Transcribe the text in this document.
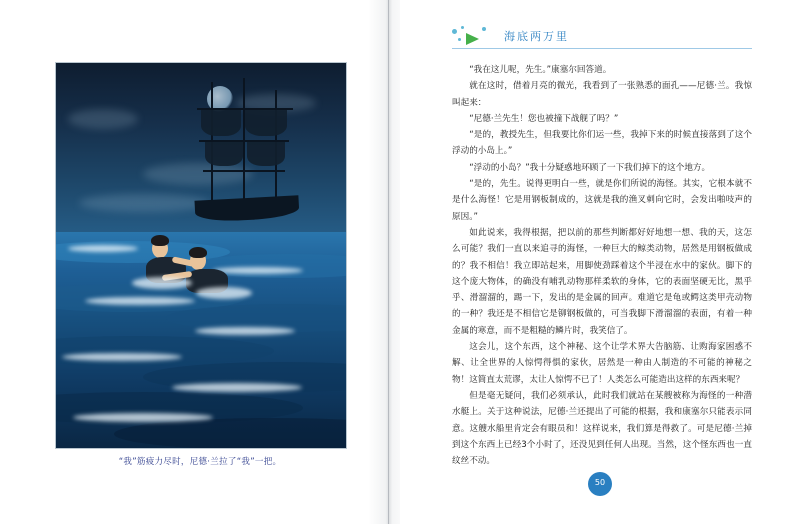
“我”筋疲力尽时，尼德·兰拉了“我”一把。
海底两万里

“我在这儿呢，先生。”康塞尔回答道。

就在这时，借着月亮的微光，我看到了一张熟悉的面孔——尼德·兰。我惊叫起来：

“尼德·兰先生！您也被撞下战舰了吗？”

“是的，教授先生，但我要比你们运一些，我掉下来的时候直接落到了这个浮动的小岛上。”

“浮动的小岛？”我十分疑惑地环顾了一下我们掉下的这个地方。

“是的，先生。说得更明白一些，就是你们所说的海怪。其实，它根本就不是什么海怪！它是用钢板制成的，这就是我的渔叉刺向它时，会发出啪吱声的原因。”

如此说来，我得根据，把以前的那些判断都好好地想一想、我的天，这怎么可能？我们一直以来追寻的海怪，一种巨大的鲸类动物，居然是用钢板做成的？我不相信！我立即站起来，用脚使劲踩着这个半浸在水中的家伙。脚下的这个庞大物体，的确没有哺乳动物那样柔软的身体，它的表面坚硬无比，黑乎乎、滑溜溜的，踢一下，发出的是金属的回声。难道它是龟或鳄这类甲壳动物的一种？我还是不相信它是铆钢板做的，可当我脚下滑溜溜的表面，有着一种金属的寒意，而不是粗糙的鳞片时，我笑信了。

这会儿，这个东西，这个神秘、这个让学术界大告脑筋、让购海家困惑不解、让全世界的人惊愕得惧的家伙，居然是一种由人制造的不可能的神秘之物！这简直太荒谬，太让人惊愕不已了！人类怎么可能造出这样的东西来呢？

但是毫无疑问，我们必须承认，此时我们就站在某艘被称为海怪的一种潜水艇上。关于这种说法，尼德·兰还提出了可能的根据，我和康塞尔只能表示同意。这艘水船里肯定会有眼员和！这样说来，我们算是得救了。可是尼德·兰掉到这个东西上已经3个小时了，还没见到任何人出现。当然，这个怪东西也一直纹丝不动。

50
